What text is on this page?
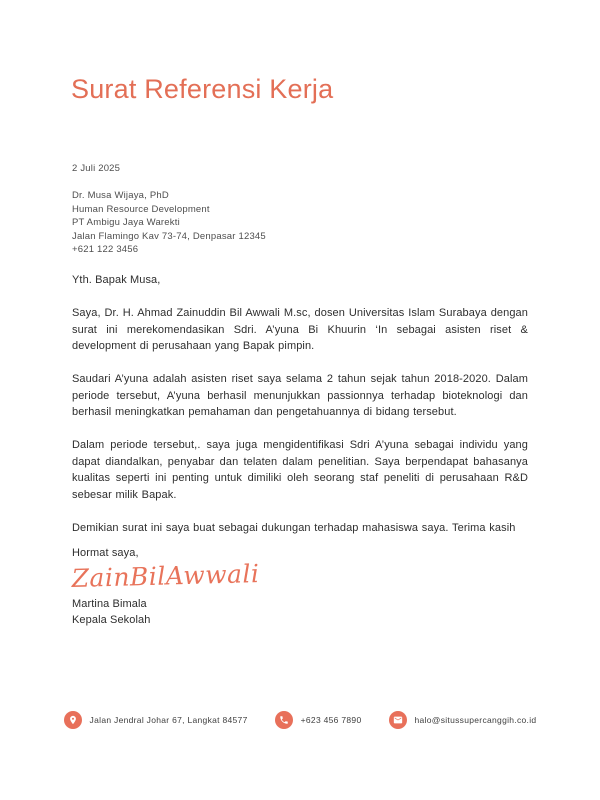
Surat Referensi Kerja
2 Juli 2025
Dr. Musa Wijaya, PhD
Human Resource Development
PT Ambigu Jaya Warekti
Jalan Flamingo Kav 73-74, Denpasar 12345
+621 122 3456
Yth. Bapak Musa,

Saya, Dr. H. Ahmad Zainuddin Bil Awwali M.sc, dosen Universitas Islam Surabaya dengan surat ini merekomendasikan Sdri. A’yuna Bi Khuurin ‘In sebagai asisten riset & development di perusahaan yang Bapak pimpin.

Saudari A’yuna adalah asisten riset saya selama 2 tahun sejak tahun 2018-2020. Dalam periode tersebut, A’yuna berhasil menunjukkan passionnya terhadap bioteknologi dan berhasil meningkatkan pemahaman dan pengetahuannya di bidang tersebut.

Dalam periode tersebut,. saya juga mengidentifikasi Sdri A’yuna sebagai individu yang dapat diandalkan, penyabar dan telaten dalam penelitian. Saya berpendapat bahasanya kualitas seperti ini penting untuk dimiliki oleh seorang staf peneliti di perusahaan R&D sebesar milik Bapak.

Demikian surat ini saya buat sebagai dukungan terhadap mahasiswa saya. Terima kasih

Hormat saya,
ZainBilAwwali
Martina Bimala
Kepala Sekolah
Jalan Jendral Johar 67, Langkat 84577	+623 456 7890	halo@situssupercanggih.co.id
